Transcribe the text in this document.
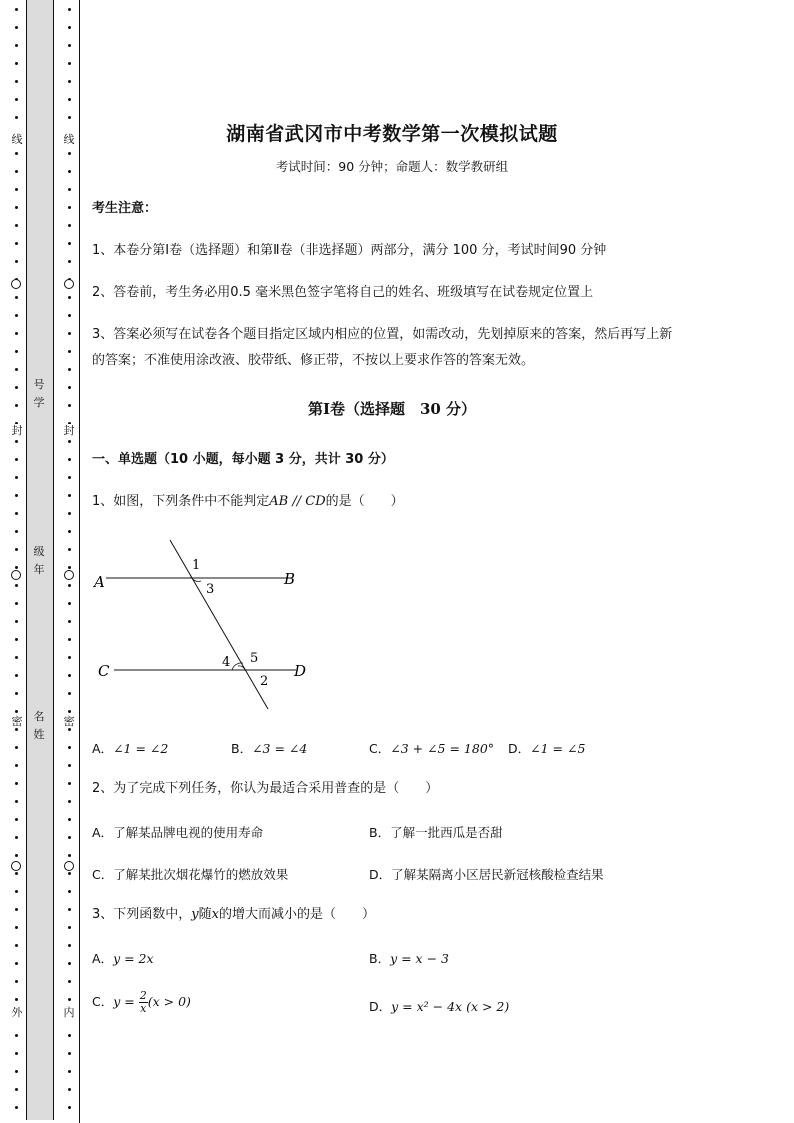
线
封
密
外
线
封
密
内
号学
级年
名姓
湖南省武冈市中考数学第一次模拟试题
考试时间：90 分钟；命题人：数学教研组
考生注意：
1、本卷分第Ⅰ卷（选择题）和第Ⅱ卷（非选择题）两部分，满分 100 分，考试时间90 分钟
2、答卷前，考生务必用0.5 毫米黑色签字笔将自己的姓名、班级填写在试卷规定位置上
3、答案必须写在试卷各个题目指定区域内相应的位置，如需改动，先划掉原来的答案，然后再写上新
的答案；不准使用涂改液、胶带纸、修正带，不按以上要求作答的答案无效。
第Ⅰ卷（选择题　30 分）
一、单选题（10 小题，每小题 3 分，共计 30 分）
1、如图，下列条件中不能判定AB // CD的是（　　）
A	B
C	D
1
3
4 5
2
A．∠1 = ∠2	B．∠3 = ∠4	C．∠3 + ∠5 = 180° D．∠1 = ∠5
2、为了完成下列任务，你认为最适合采用普查的是（　　）
A．了解某品牌电视的使用寿命	B．了解一批西瓜是否甜
C．了解某批次烟花爆竹的燃放效果	D．了解某隔离小区居民新冠核酸检查结果
3、下列函数中，y随x的增大而减小的是（　　）
A．y = 2x	B．y = x − 3
C．$y = \frac{2}{x} (x > 0)$	D．y = x² − 4x (x > 2)
